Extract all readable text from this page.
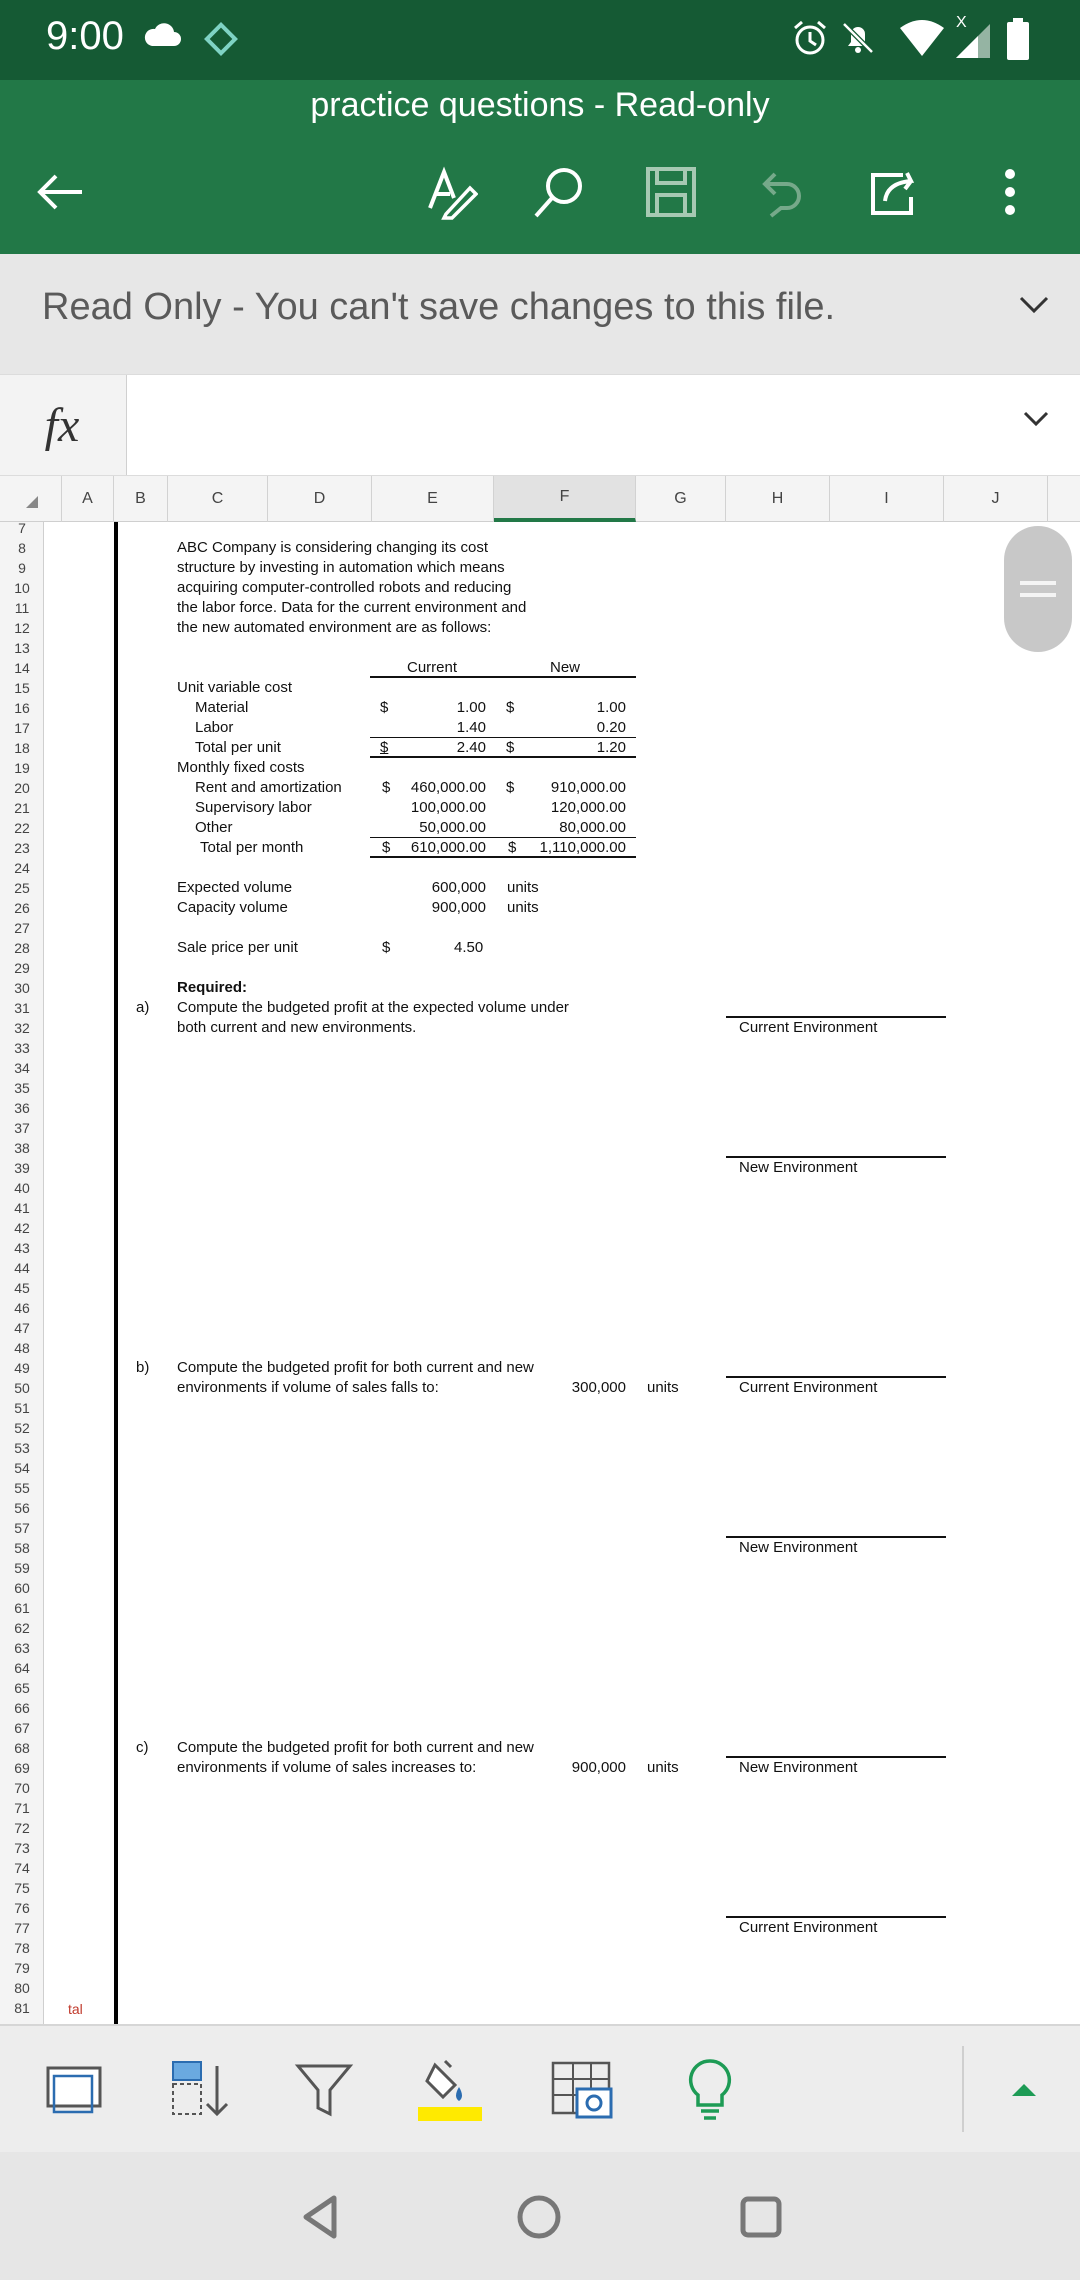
9:00	X
practice questions - Read-only
Read Only - You can't save changes to this file.
fx
A	B	C	D	E	F	G	H	I	J
7
8
9
10
11
12
13
14
15
16
17
18
19
20
21
22
23
24
25
26
27
28
29
30
31
32
33
34
35
36
37
38
39
40
41
42
43
44
45
46
47
48
49
50
51
52
53
54
55
56
57
58
59
60
61
62
63
64
65
66
67
68
69
70
71
72
73
74
75
76
77
78
79
80
81
ABC Company is considering changing its cost
structure by investing in automation which means
acquiring computer-controlled robots and reducing
the labor force. Data for the current environment and
the new automated environment are as follows:
Current	New
Unit variable cost
Material	$	1.00 $	1.00
Labor	1.40	0.20
Total per unit	$	2.40 $	1.20
Monthly fixed costs
Rent and amortization	$	460,000.00 $	910,000.00
Supervisory labor	100,000.00	120,000.00
Other	50,000.00	80,000.00
Total per month	$	610,000.00 $	1,110,000.00
Expected volume	600,000 units
Capacity volume	900,000 units
Sale price per unit	$	4.50
Required:
a) Compute the budgeted profit at the expected volume under
both current and new environments.	Current Environment
New Environment
b) Compute the budgeted profit for both current and new
environments if volume of sales falls to:	300,000 units	Current Environment
New Environment
c) Compute the budgeted profit for both current and new
environments if volume of sales increases to:	900,000 units	New Environment
Current Environment
tal
